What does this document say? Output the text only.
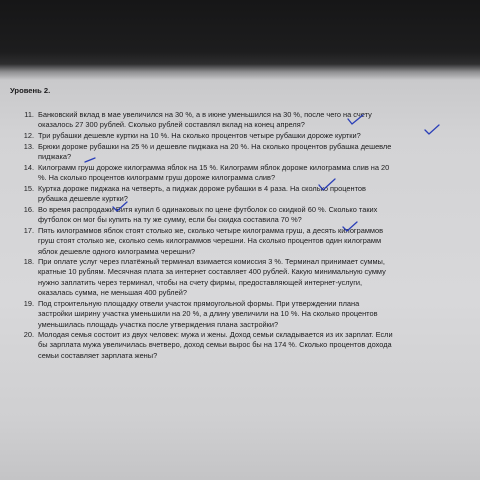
Уровень 2.
11. Банковский вклад в мае увеличился на 30 %, а в июне уменьшился на 30 %, после чего на счету
оказалось 27 300 рублей. Сколько рублей составлял вклад на конец апреля?
12. Три рубашки дешевле куртки на 10 %. На сколько процентов четыре рубашки дороже куртки?
13. Брюки дороже рубашки на 25 % и дешевле пиджака на 20 %. На сколько процентов рубашка дешевле
пиджака?
14. Килограмм груш дороже килограмма яблок на 15 %. Килограмм яблок дороже килограмма слив на 20
%. На сколько процентов килограмм груш дороже килограмма слив?
15. Куртка дороже пиджака на четверть, а пиджак дороже рубашки в 4 раза. На сколько процентов
рубашка дешевле куртки?
16. Во время распродажи Витя купил 6 одинаковых по цене футболок со скидкой 60 %. Сколько таких
футболок он мог бы купить на ту же сумму, если бы скидка составила 70 %?
17. Пять килограммов яблок стоят столько же, сколько четыре килограмма груш, а десять килограммов
груш стоят столько же, сколько семь килограммов черешни. На сколько процентов один килограмм
яблок дешевле одного килограмма черешни?
18. При оплате услуг через платёжный терминал взимается комиссия 3 %. Терминал принимает суммы,
кратные 10 рублям. Месячная плата за интернет составляет 400 рублей. Какую минимальную сумму
нужно заплатить через терминал, чтобы на счету фирмы, предоставляющей интернет-услуги,
оказалась сумма, не меньшая 400 рублей?
19. Под строительную площадку отвели участок прямоугольной формы. При утверждении плана
застройки ширину участка уменьшили на 20 %, а длину увеличили на 10 %. На сколько процентов
уменьшилась площадь участка после утверждения плана застройки?
20. Молодая семья состоит из двух человек: мужа и жены. Доход семьи складывается из их зарплат. Если
бы зарплата мужа увеличилась вчетверо, доход семьи вырос бы на 174 %. Сколько процентов дохода
семьи составляет зарплата жены?
